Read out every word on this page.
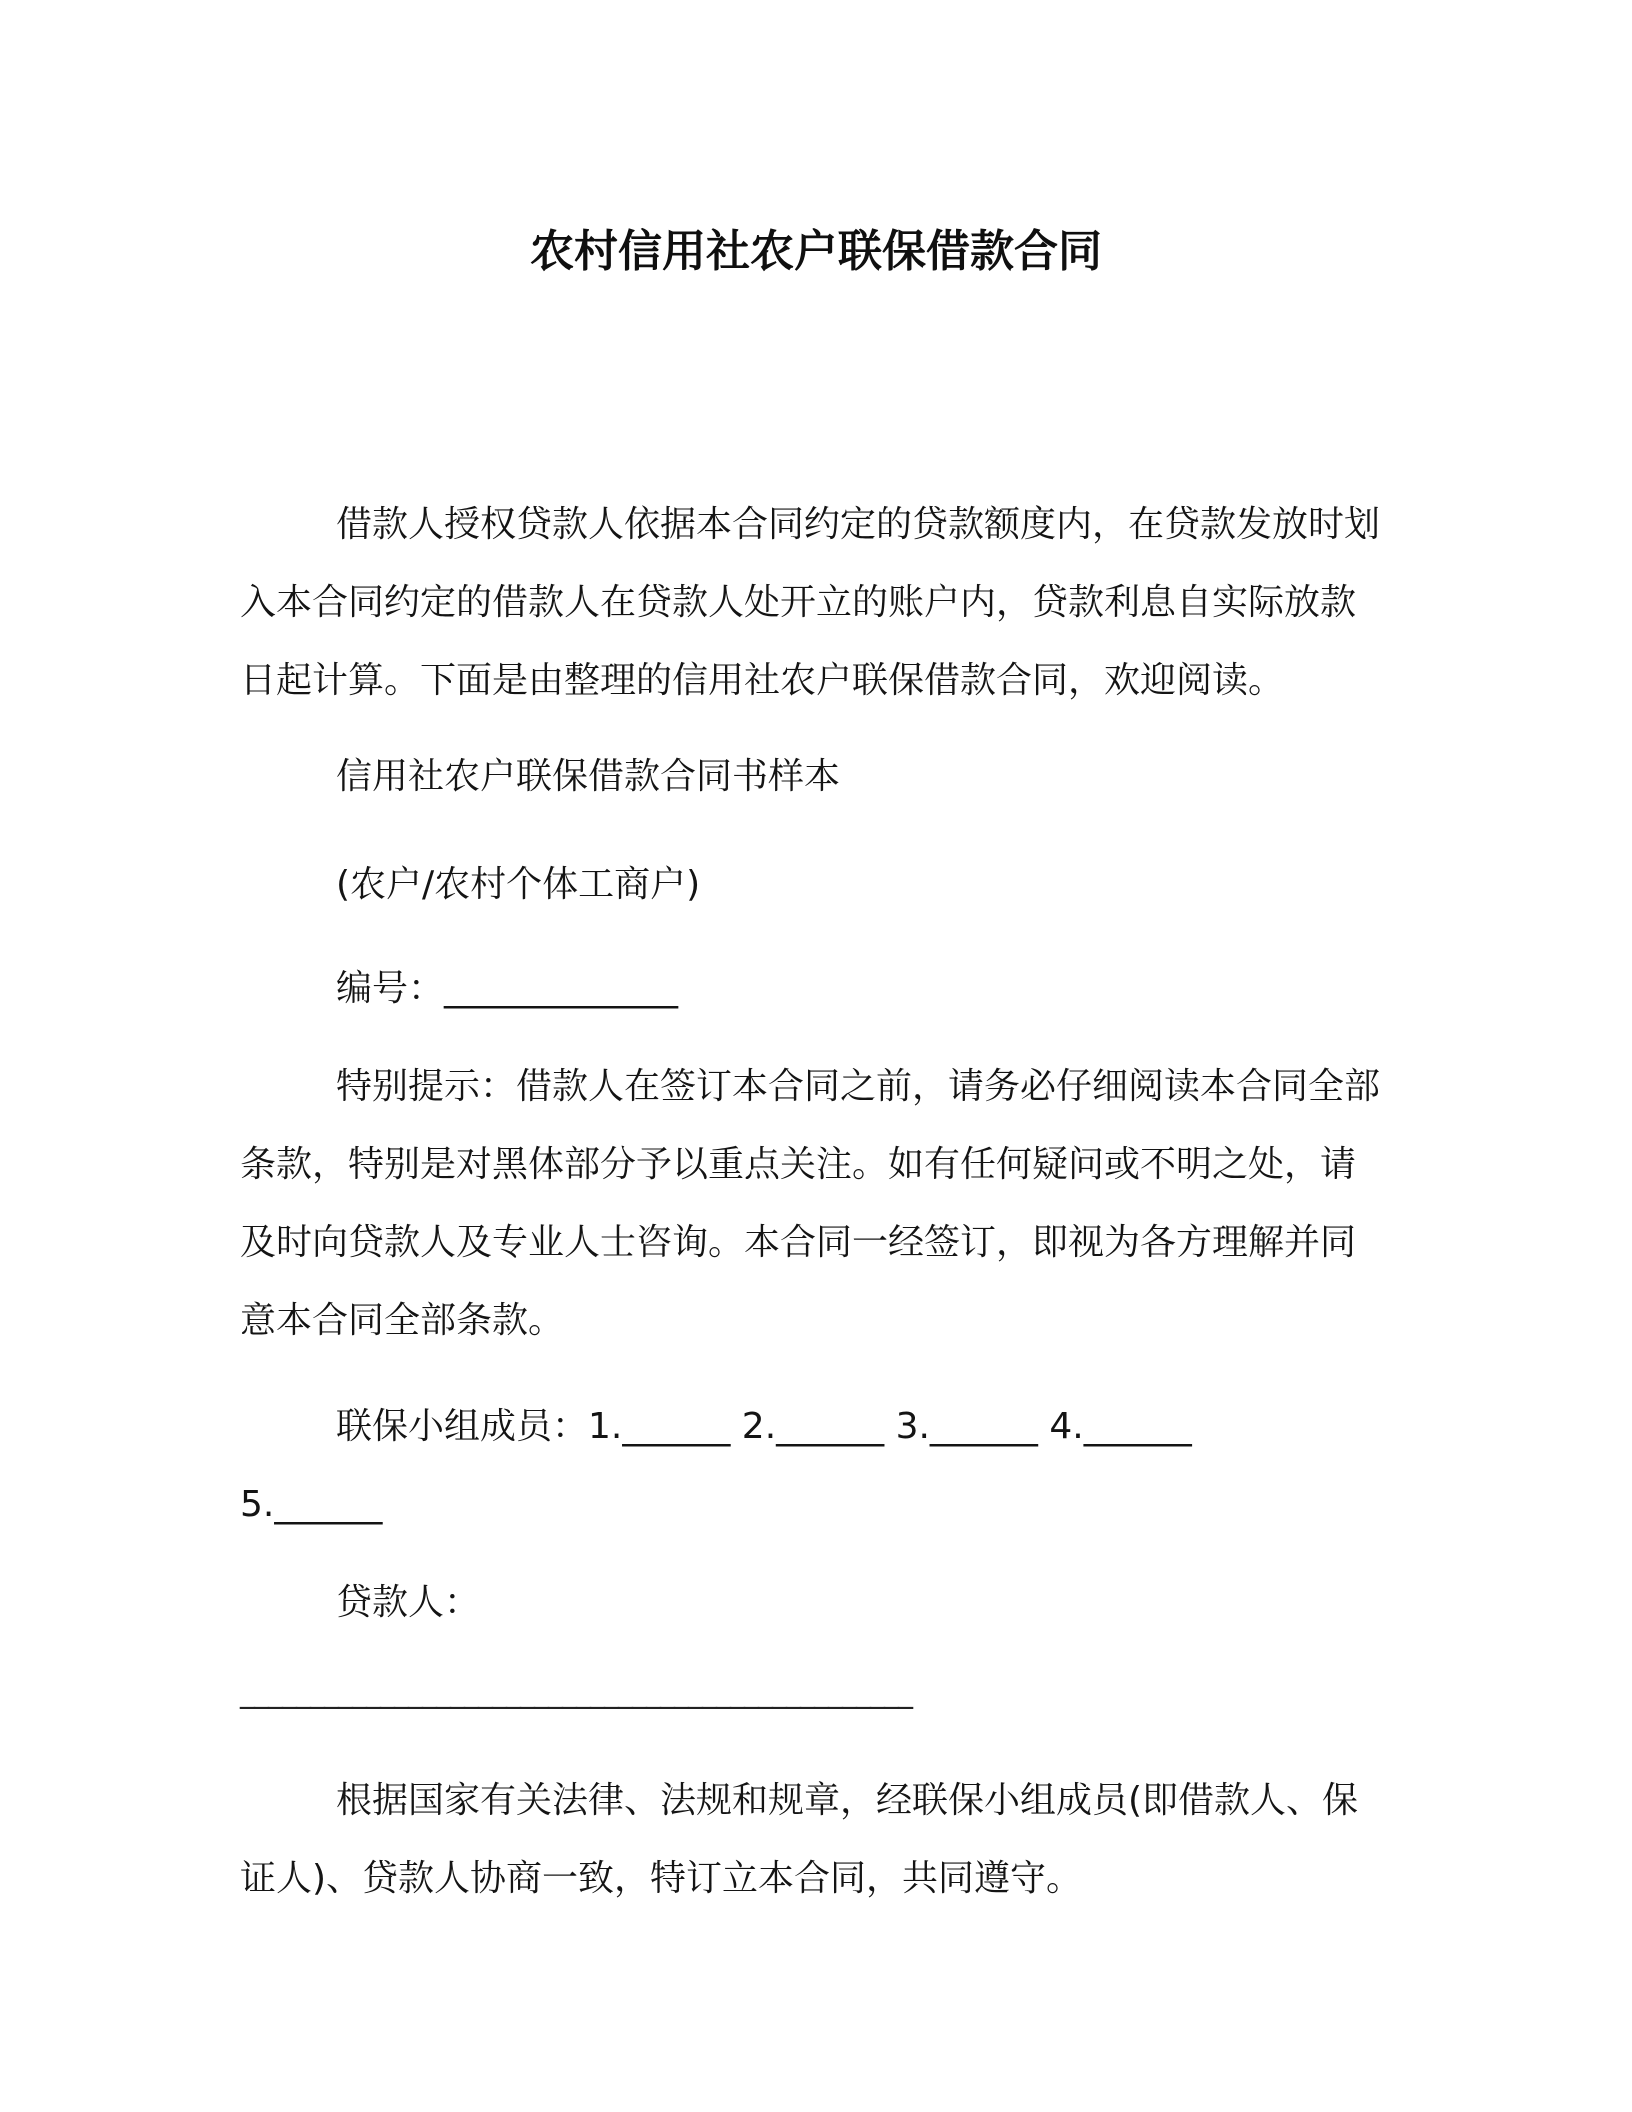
农村信用社农户联保借款合同
借款人授权贷款人依据本合同约定的贷款额度内，在贷款发放时划入本合同约定的借款人在贷款人处开立的账户内，贷款利息自实际放款日起计算。下面是由整理的信用社农户联保借款合同，欢迎阅读。
信用社农户联保借款合同书样本
(农户/农村个体工商户)
编号：_____________
特别提示：借款人在签订本合同之前，请务必仔细阅读本合同全部条款，特别是对黑体部分予以重点关注。如有任何疑问或不明之处，请及时向贷款人及专业人士咨询。本合同一经签订，即视为各方理解并同意本合同全部条款。
联保小组成员：1.______ 2.______ 3.______ 4.______
5.______
贷款人：
________________________________________________
根据国家有关法律、法规和规章，经联保小组成员(即借款人、保证人)、贷款人协商一致，特订立本合同，共同遵守。
